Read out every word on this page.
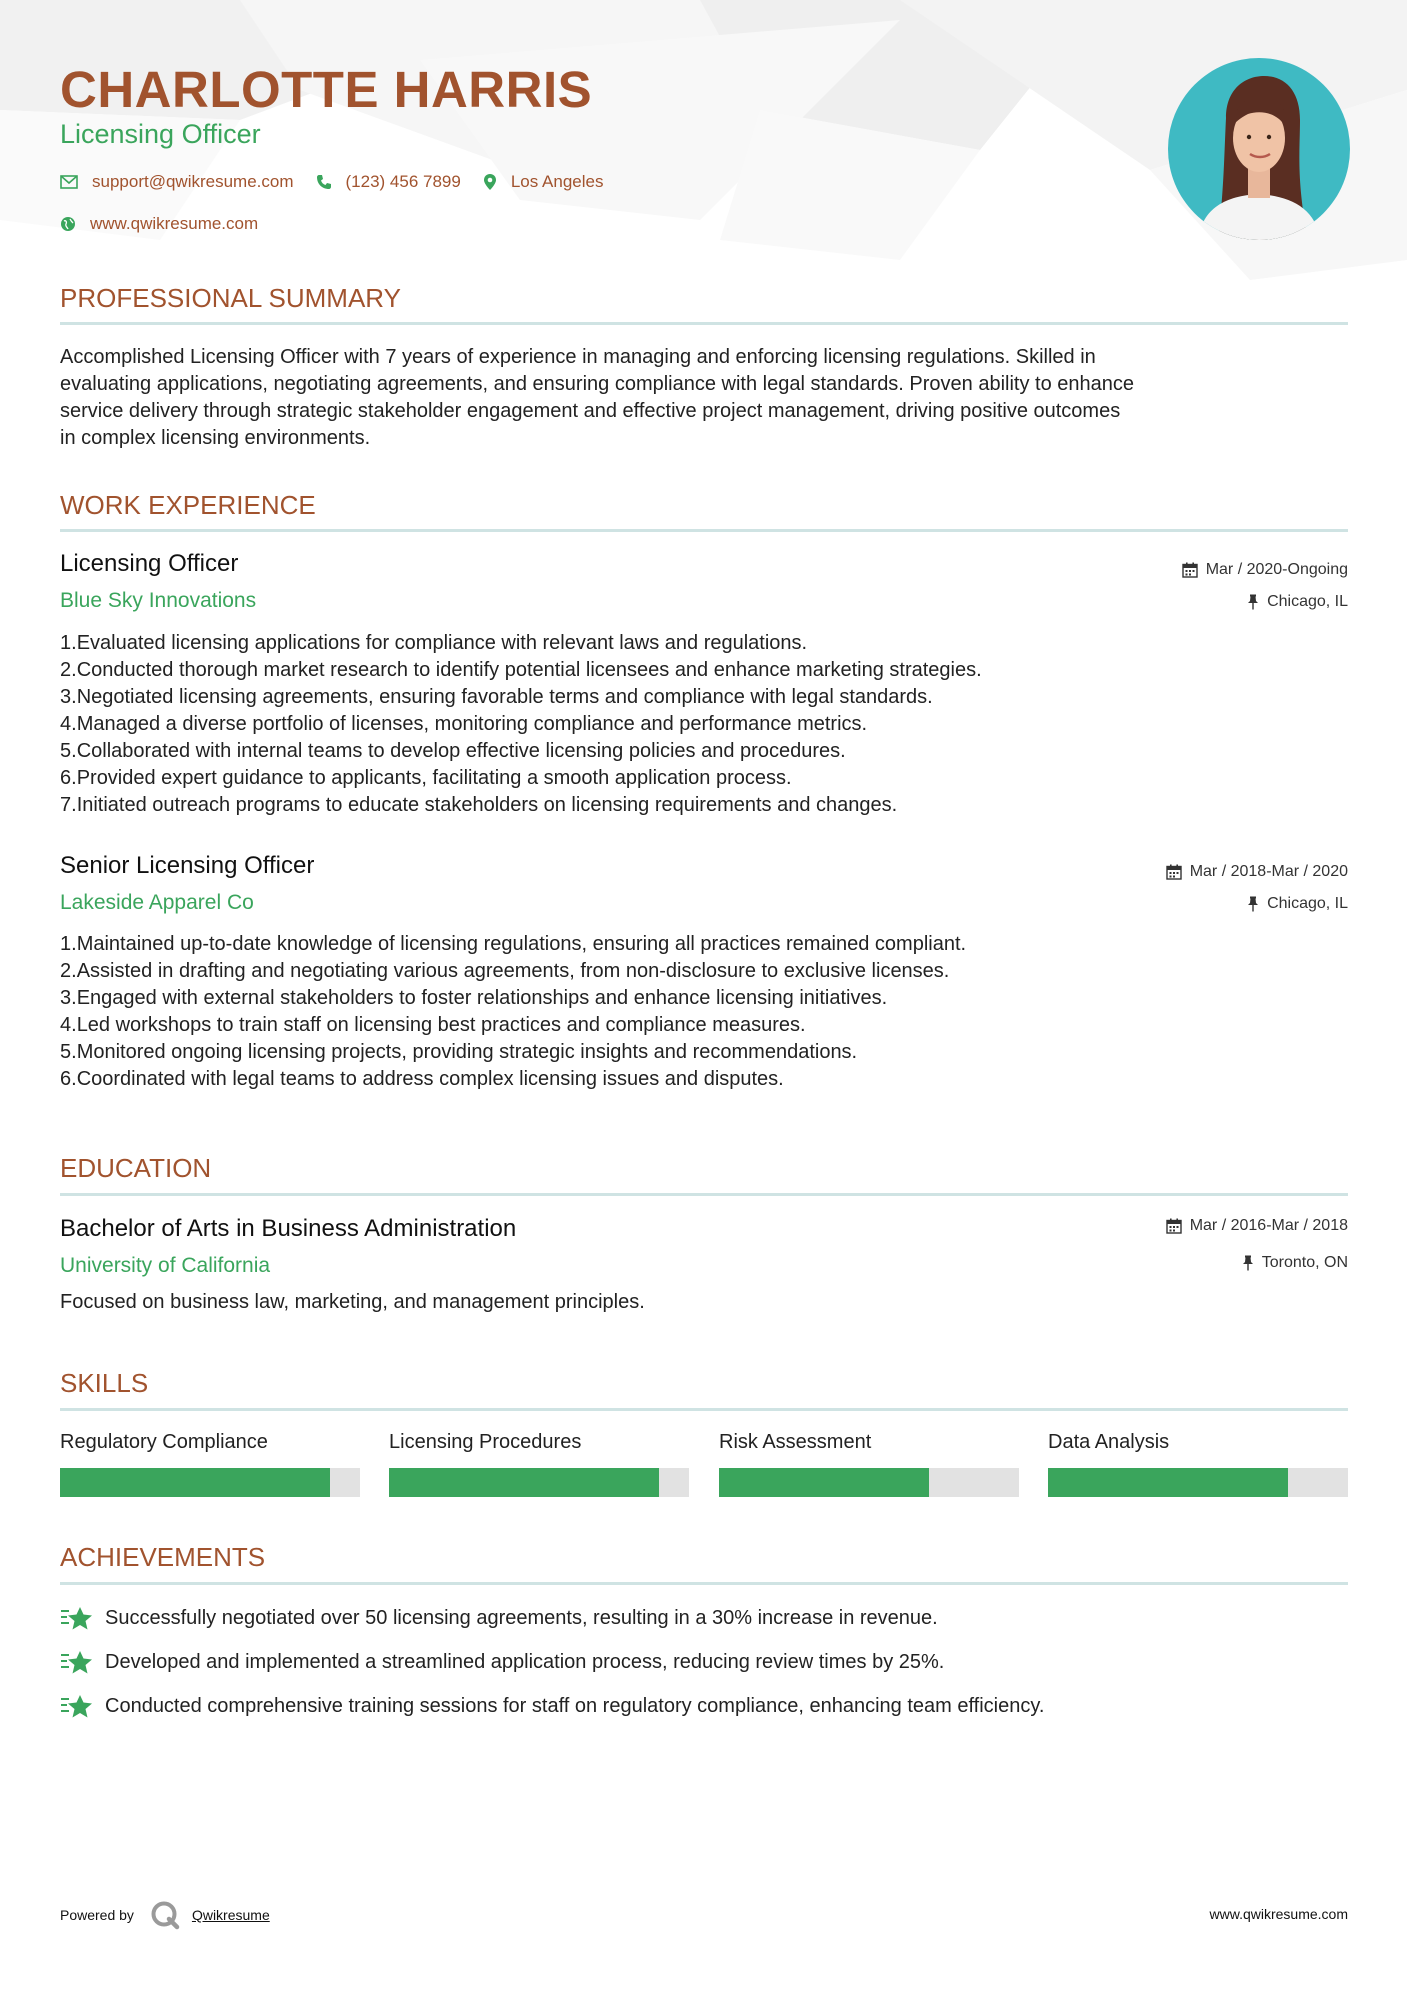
CHARLOTTE HARRIS
Licensing Officer
support@qwikresume.com	(123) 456 7899	Los Angeles
www.qwikresume.com
PROFESSIONAL SUMMARY
Accomplished Licensing Officer with 7 years of experience in managing and enforcing licensing regulations. Skilled in
evaluating applications, negotiating agreements, and ensuring compliance with legal standards. Proven ability to enhance
service delivery through strategic stakeholder engagement and effective project management, driving positive outcomes
in complex licensing environments.
WORK EXPERIENCE
Licensing Officer	Mar / 2020-Ongoing
Blue Sky Innovations	Chicago, IL
1.Evaluated licensing applications for compliance with relevant laws and regulations.
2.Conducted thorough market research to identify potential licensees and enhance marketing strategies.
3.Negotiated licensing agreements, ensuring favorable terms and compliance with legal standards.
4.Managed a diverse portfolio of licenses, monitoring compliance and performance metrics.
5.Collaborated with internal teams to develop effective licensing policies and procedures.
6.Provided expert guidance to applicants, facilitating a smooth application process.
7.Initiated outreach programs to educate stakeholders on licensing requirements and changes.
Senior Licensing Officer	Mar / 2018-Mar / 2020
Lakeside Apparel Co	Chicago, IL
1.Maintained up-to-date knowledge of licensing regulations, ensuring all practices remained compliant.
2.Assisted in drafting and negotiating various agreements, from non-disclosure to exclusive licenses.
3.Engaged with external stakeholders to foster relationships and enhance licensing initiatives.
4.Led workshops to train staff on licensing best practices and compliance measures.
5.Monitored ongoing licensing projects, providing strategic insights and recommendations.
6.Coordinated with legal teams to address complex licensing issues and disputes.
EDUCATION
Bachelor of Arts in Business Administration	Mar / 2016-Mar / 2018
University of California	Toronto, ON
Focused on business law, marketing, and management principles.
SKILLS
Regulatory Compliance	Licensing Procedures	Risk Assessment	Data Analysis
ACHIEVEMENTS
Successfully negotiated over 50 licensing agreements, resulting in a 30% increase in revenue.
Developed and implemented a streamlined application process, reducing review times by 25%.
Conducted comprehensive training sessions for staff on regulatory compliance, enhancing team efficiency.
Powered by	Qwikresume	www.qwikresume.com
